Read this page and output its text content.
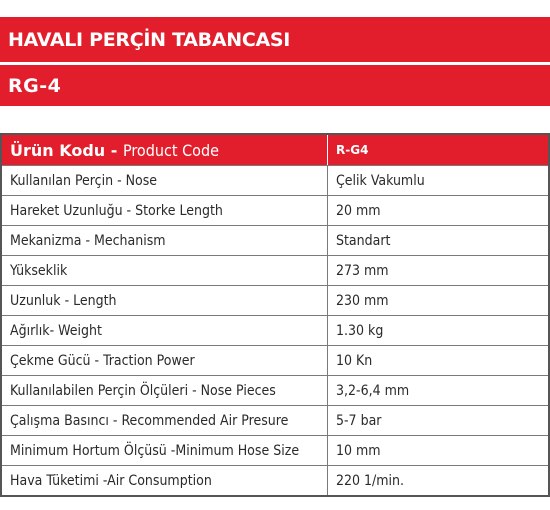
HAVALI PERÇİN TABANCASI
RG-4
Ürün Kodu - Product Code	R-G4
Kullanılan Perçin - Nose	Çelik Vakumlu
Hareket Uzunluğu - Storke Length	20 mm
Mekanizma - Mechanism	Standart
Yükseklik	273 mm
Uzunluk - Length	230 mm
Ağırlık- Weight	1.30 kg
Çekme Gücü - Traction Power	10 Kn
Kullanılabilen Perçin Ölçüleri - Nose Pieces	3,2-6,4 mm
Çalışma Basıncı - Recommended Air Presure	5-7 bar
Minimum Hortum Ölçüsü -Minimum Hose Size	10 mm
Hava Tüketimi -Air Consumption	220 1/min.
